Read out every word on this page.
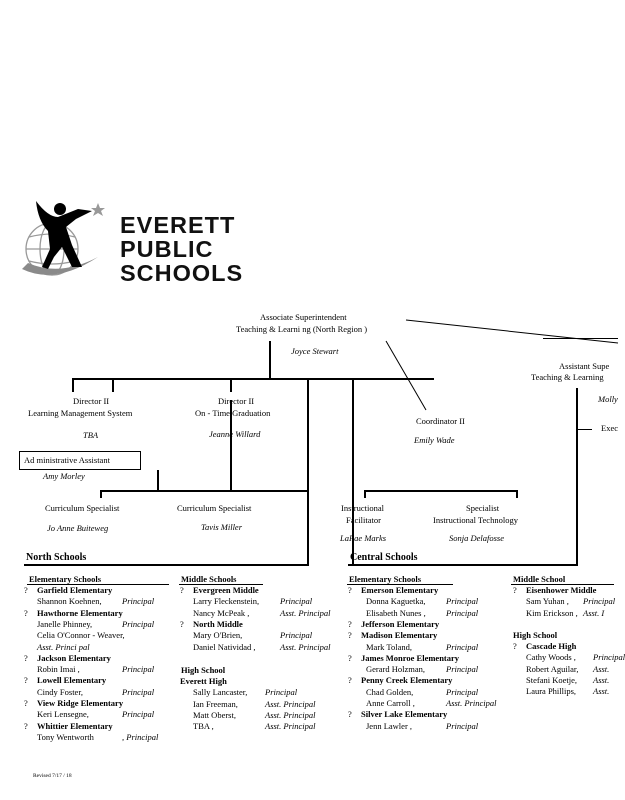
EVERETT
PUBLIC
SCHOOLS
Associate Superintendent
Teaching & Learni ng (North Region )
Joyce Stewart
Assistant Supe
Teaching & Learning
Molly
Exec
Director II
Learning Management System
TBA
Director II
On - Time Graduation
Jeanne Willard
Coordinator II
Emily Wade
Ad ministrative Assistant
Amy Morley
Curriculum Specialist
Jo Anne Buiteweg
Curriculum Specialist
Tavis Miller
Instructional
Facilitator
LaRae Marks
Specialist
Instructional Technology
Sonja Delafosse
North Schools	Central Schools
Elementary Schools	Middle Schools
High School
Elementary Schools	Middle School
High School
? Garfield Elementary
Shannon Koehnen, Principal
? Hawthorne Elementary
Janelle Phinney,	Principal
Celia O'Connor - Weaver,
Asst. Princi pal
? Jackson Elementary
Robin Imai ,	Principal
? Lowell Elementary
Cindy Foster,	Principal
? View Ridge Elementary
Keri Lensegne,	Principal
? Whittier Elementary
Tony Wentworth	, Principal
? Evergreen Middle
Larry Fleckenstein, Principal
Nancy McPeak ,	Asst. Principal
? North Middle
Mary O'Brien,	Principal
Daniel Natividad ,	Asst. Principal
Everett High
Sally Lancaster, Principal
Ian Freeman,	Asst. Principal
Matt Oberst,	Asst. Principal
TBA ,	Asst. Principal
? Emerson Elementary
Donna Kaguetka, Principal
Elisabeth Nunes , Principal
? Jefferson Elementary
? Madison Elementary
Mark Toland,	Principal
? James Monroe Elementary
Gerard Holzman, Principal
? Penny Creek Elementary
Chad Golden,	Principal
Anne Carroll ,	Asst. Principal
? Silver Lake Elementary
Jenn Lawler ,	Principal
? Eisenhower Middle
Sam Yuhan , Principal
Kim Erickson , Asst. I
? Cascade High
Cathy Woods , Principal
Robert Aguilar, Asst.
Stefani Koetje, Asst.
Laura Phillips, Asst.
Revised 7/17 / 18
